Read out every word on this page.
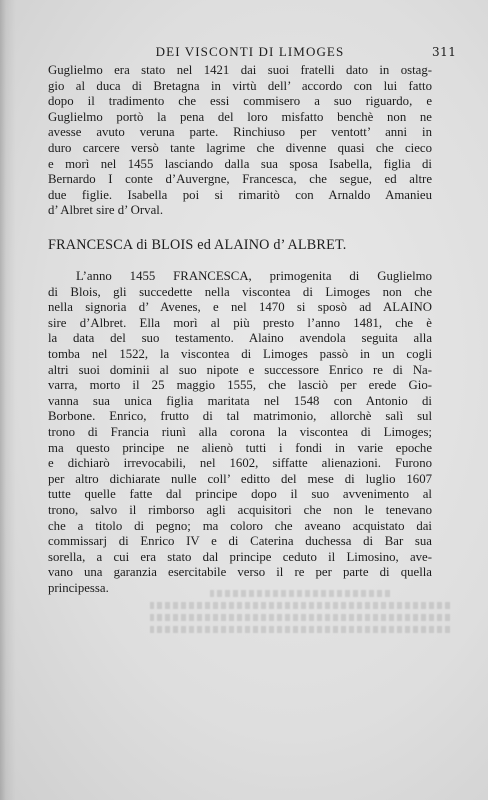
DEI VISCONTI DI LIMOGES	311
Guglielmo era stato nel 1421 dai suoi fratelli dato in ostag-
gio al duca di Bretagna in virtù dell’ accordo con lui fatto
dopo il tradimento che essi commisero a suo riguardo, e
Guglielmo portò la pena del loro misfatto benchè non ne
avesse avuto veruna parte. Rinchiuso per ventott’ anni in
duro carcere versò tante lagrime che divenne quasi che cieco
e morì nel 1455 lasciando dalla sua sposa Isabella, figlia di
Bernardo I conte d’Auvergne, Francesca, che segue, ed altre
due figlie. Isabella poi si rimaritò con Arnaldo Amanieu
d’ Albret sire d’ Orval.
FRANCESCA di BLOIS ed ALAINO d’ ALBRET.
L’anno 1455 FRANCESCA, primogenita di Guglielmo
di Blois, gli succedette nella viscontea di Limoges non che
nella signoria d’ Avenes, e nel 1470 si sposò ad ALAINO
sire d’Albret. Ella morì al più presto l’anno 1481, che è
la data del suo testamento. Alaino avendola seguita alla
tomba nel 1522, la viscontea di Limoges passò in un cogli
altri suoi dominii al suo nipote e successore Enrico re di Na-
varra, morto il 25 maggio 1555, che lasciò per erede Gio-
vanna sua unica figlia maritata nel 1548 con Antonio di
Borbone. Enrico, frutto di tal matrimonio, allorchè salì sul
trono di Francia riunì alla corona la viscontea di Limoges;
ma questo principe ne alienò tutti i fondi in varie epoche
e dichiarò irrevocabili, nel 1602, siffatte alienazioni. Furono
per altro dichiarate nulle coll’ editto del mese di luglio 1607
tutte quelle fatte dal principe dopo il suo avvenimento al
trono, salvo il rimborso agli acquisitori che non le tenevano
che a titolo di pegno; ma coloro che aveano acquistato dai
commissarj di Enrico IV e di Caterina duchessa di Bar sua
sorella, a cui era stato dal principe ceduto il Limosino, ave-
vano una garanzia esercitabile verso il re per parte di quella
principessa.
